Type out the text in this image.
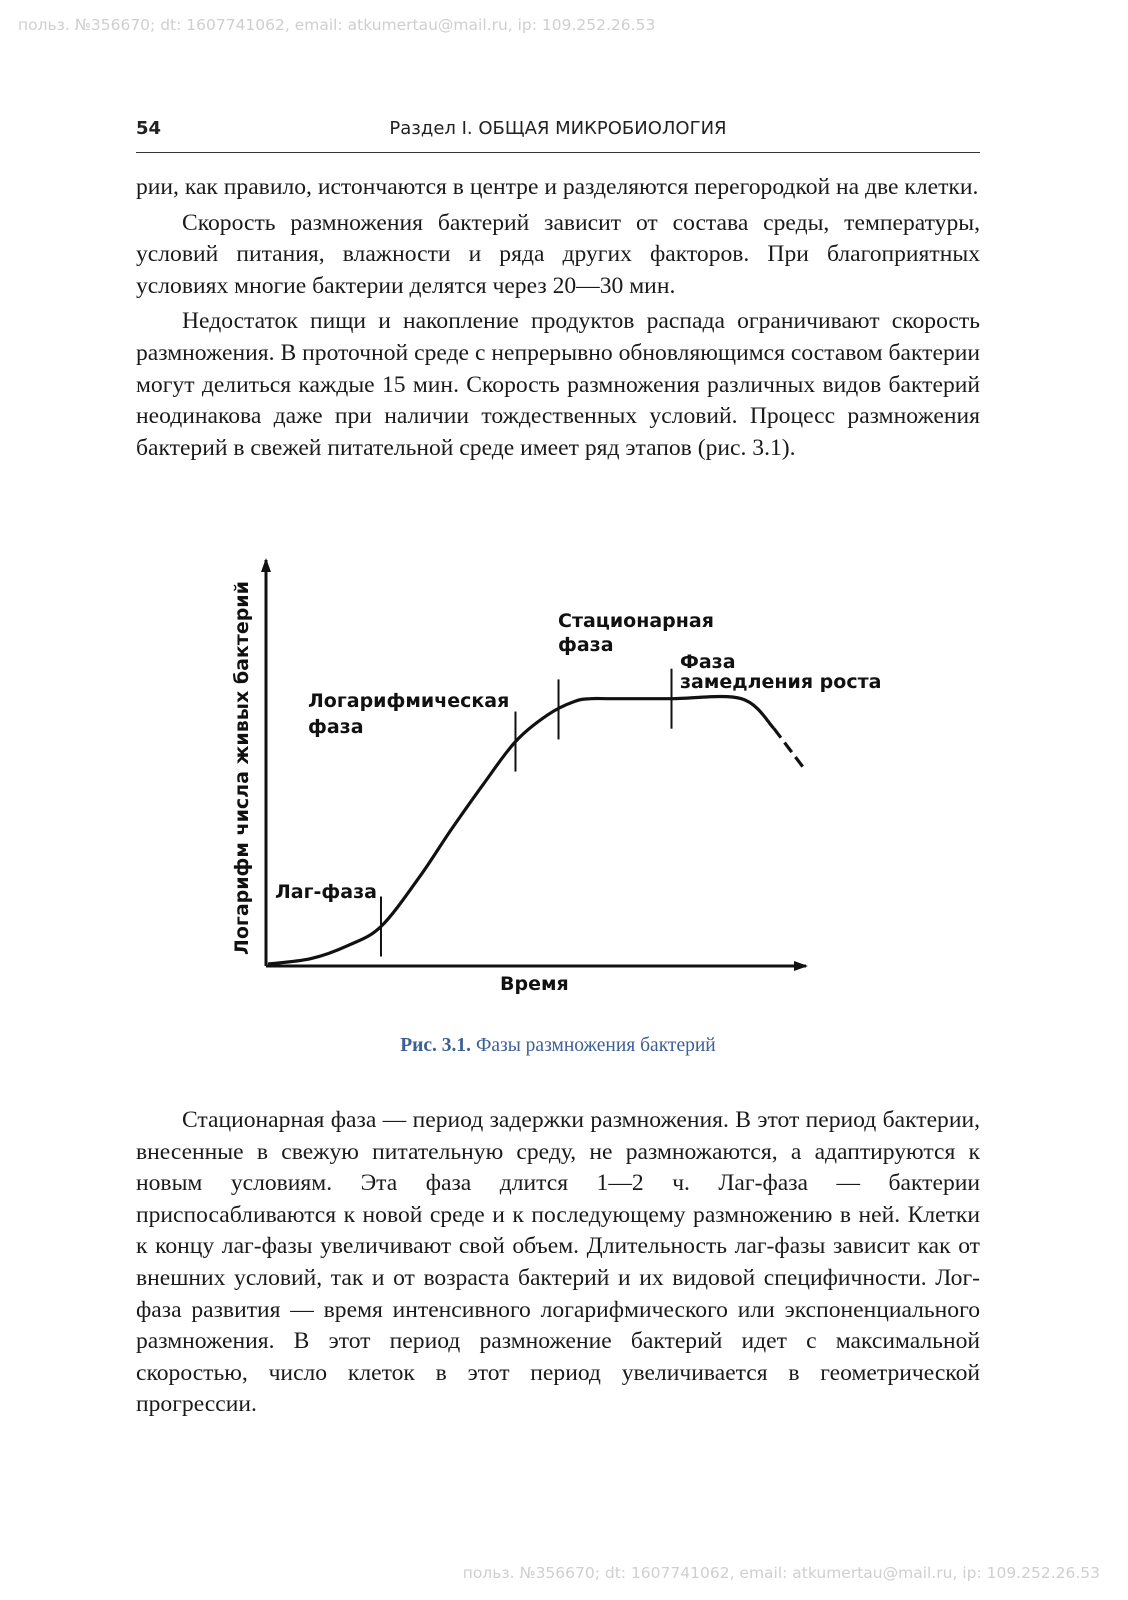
польз. №356670; dt: 1607741062, email: atkumertau@mail.ru, ip: 109.252.26.53
54	Раздел I. ОБЩАЯ МИКРОБИОЛОГИЯ

рии, как правило, истончаются в центре и разделяются перегородкой на две клетки.

Скорость размножения бактерий зависит от состава среды, температуры, условий питания, влажности и ряда других факторов. При благоприятных условиях многие бактерии делятся через 20—30 мин.

Недостаток пищи и накопление продуктов распада ограничивают скорость размножения. В проточной среде с непрерывно обновляющимся составом бактерии могут делиться каждые 15 мин. Скорость размножения различных видов бактерий неодинакова даже при наличии тождественных условий. Процесс размножения бактерий в свежей питательной среде имеет ряд этапов (рис. 3.1).

Логарифм числа живых бактерий Лаг-фаза
Логарифмическая
фаза
Стационарная
фаза
Фаза
замедления роста
Время
Рис. 3.1. Фазы размножения бактерий

Стационарная фаза — период задержки размножения. В этот период бактерии, внесенные в свежую питательную среду, не размножаются, а адаптируются к новым условиям. Эта фаза длится 1—2 ч. Лаг-фаза — бактерии приспосабливаются к новой среде и к последующему размножению в ней. Клетки к концу лаг-фазы увеличивают свой объем. Длительность лаг-фазы зависит как от внешних условий, так и от возраста бактерий и их видовой специфичности. Лог-фаза развития — время интенсивного логарифмического или экспоненциального размножения. В этот период размножение бактерий идет с максимальной скоростью, число клеток в этот период увеличивается в геометрической прогрессии.

польз. №356670; dt: 1607741062, email: atkumertau@mail.ru, ip: 109.252.26.53
